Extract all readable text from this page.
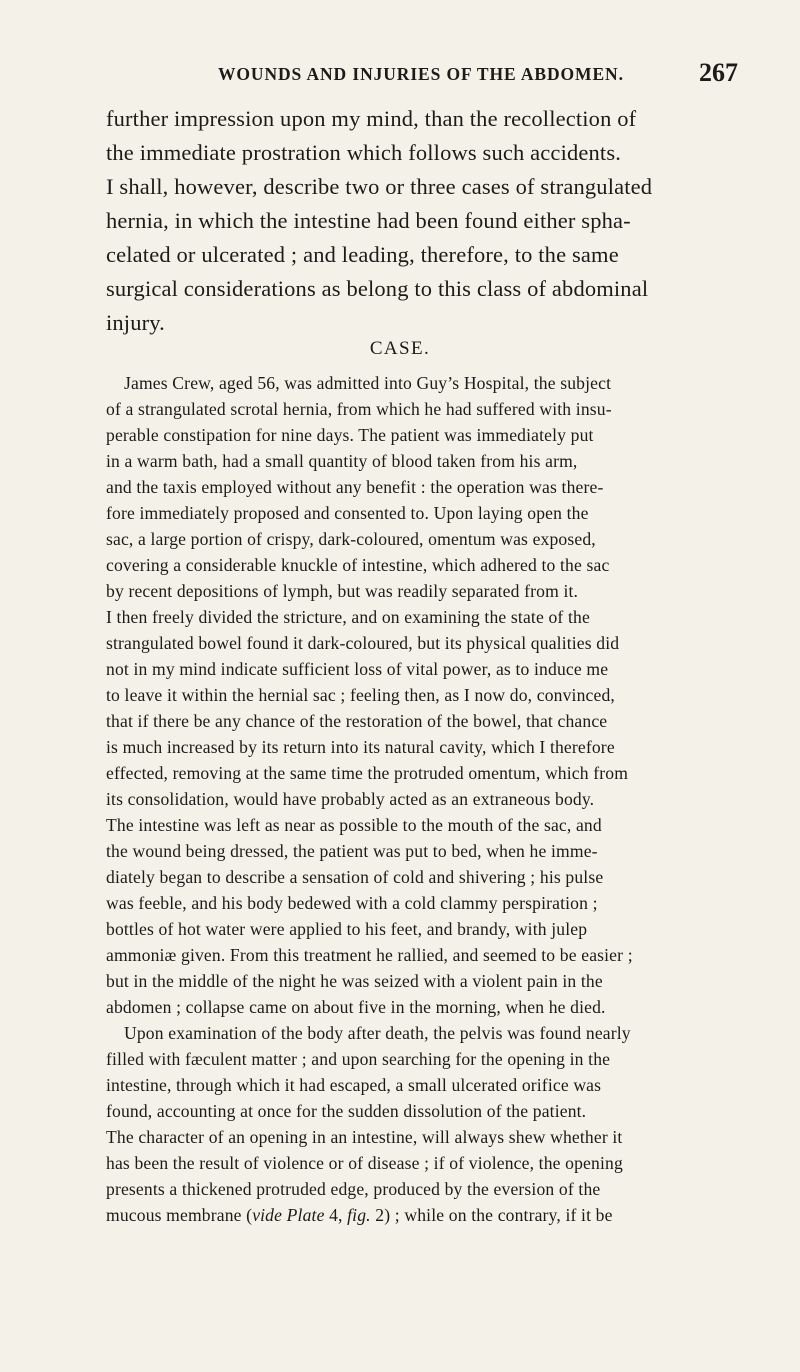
WOUNDS AND INJURIES OF THE ABDOMEN.	267
further impression upon my mind, than the recollection of
the immediate prostration which follows such accidents.
I shall, however, describe two or three cases of strangulated
hernia, in which the intestine had been found either spha-
celated or ulcerated ; and leading, therefore, to the same
surgical considerations as belong to this class of abdominal
injury.
CASE.
James Crew, aged 56, was admitted into Guy’s Hospital, the subject
of a strangulated scrotal hernia, from which he had suffered with insu-
perable constipation for nine days. The patient was immediately put
in a warm bath, had a small quantity of blood taken from his arm,
and the taxis employed without any benefit : the operation was there-
fore immediately proposed and consented to. Upon laying open the
sac, a large portion of crispy, dark-coloured, omentum was exposed,
covering a considerable knuckle of intestine, which adhered to the sac
by recent depositions of lymph, but was readily separated from it.
I then freely divided the stricture, and on examining the state of the
strangulated bowel found it dark-coloured, but its physical qualities did
not in my mind indicate sufficient loss of vital power, as to induce me
to leave it within the hernial sac ; feeling then, as I now do, convinced,
that if there be any chance of the restoration of the bowel, that chance
is much increased by its return into its natural cavity, which I therefore
effected, removing at the same time the protruded omentum, which from
its consolidation, would have probably acted as an extraneous body.
The intestine was left as near as possible to the mouth of the sac, and
the wound being dressed, the patient was put to bed, when he imme-
diately began to describe a sensation of cold and shivering ; his pulse
was feeble, and his body bedewed with a cold clammy perspiration ;
bottles of hot water were applied to his feet, and brandy, with julep
ammoniæ given. From this treatment he rallied, and seemed to be easier ;
but in the middle of the night he was seized with a violent pain in the
abdomen ; collapse came on about five in the morning, when he died.
Upon examination of the body after death, the pelvis was found nearly
filled with fæculent matter ; and upon searching for the opening in the
intestine, through which it had escaped, a small ulcerated orifice was
found, accounting at once for the sudden dissolution of the patient.
The character of an opening in an intestine, will always shew whether it
has been the result of violence or of disease ; if of violence, the opening
presents a thickened protruded edge, produced by the eversion of the
mucous membrane (vide Plate 4, fig. 2) ; while on the contrary, if it be
